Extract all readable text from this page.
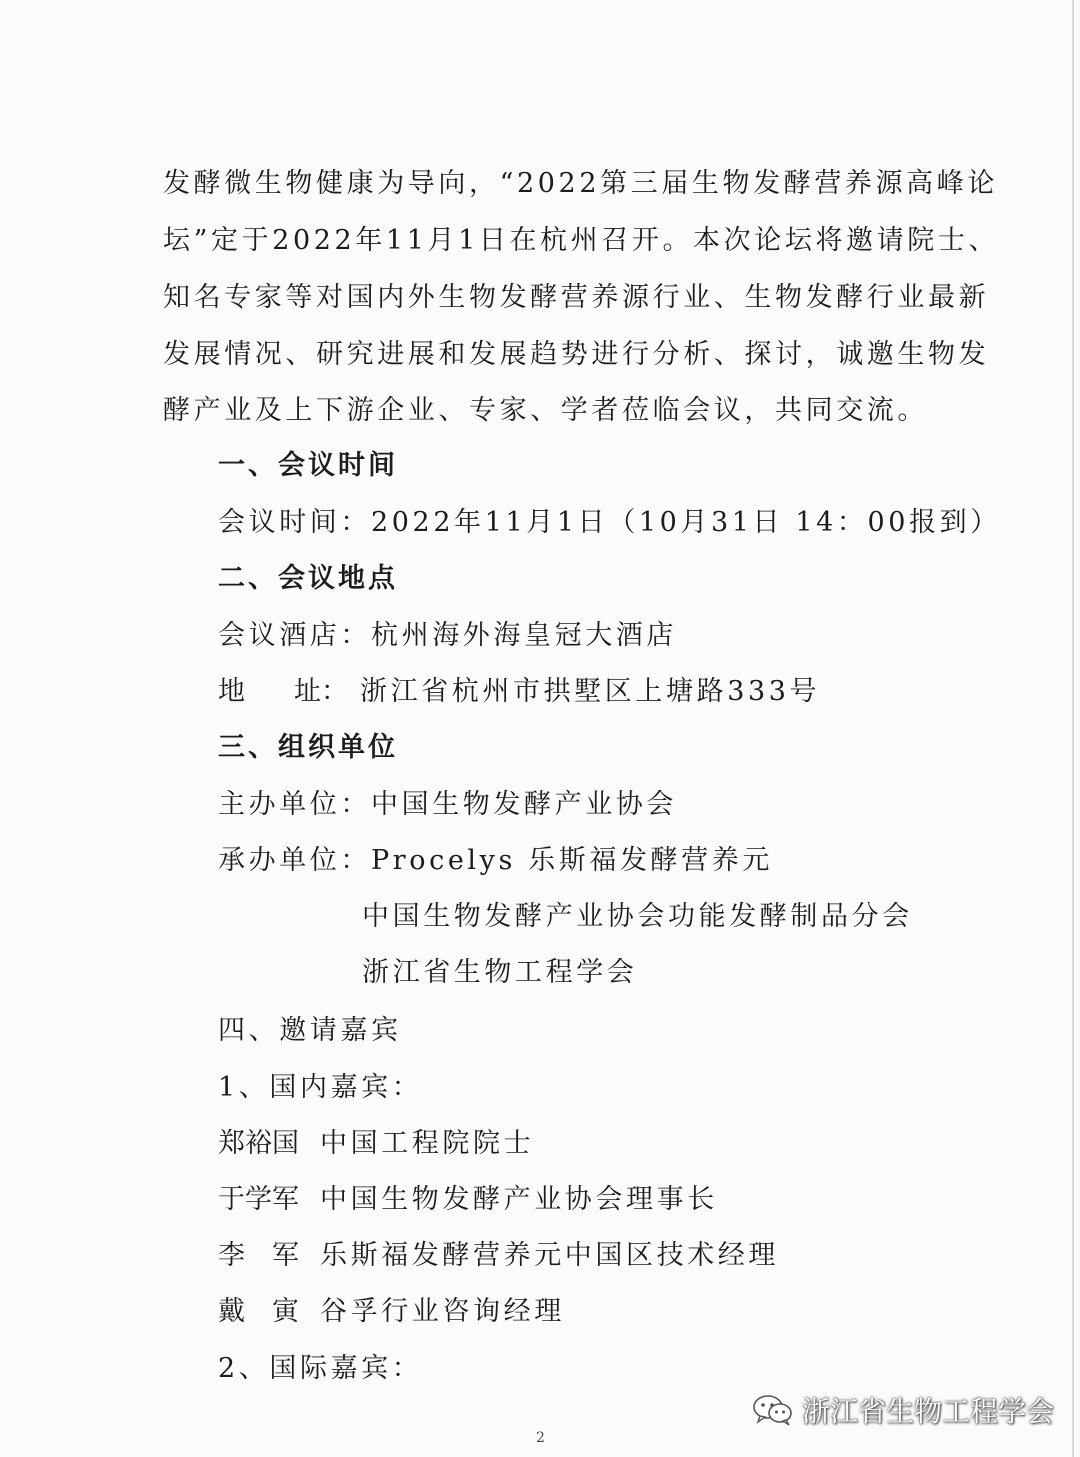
发酵微生物健康为导向，“2022第三届生物发酵营养源高峰论
坛”定于2022年11月1日在杭州召开。本次论坛将邀请院士、
知名专家等对国内外生物发酵营养源行业、生物发酵行业最新
发展情况、研究进展和发展趋势进行分析、探讨，诚邀生物发
酵产业及上下游企业、专家、学者莅临会议，共同交流。
一、会议时间
会议时间：2022年11月1日（10月31日 14：00报到）
二、会议地点
会议酒店：杭州海外海皇冠大酒店
地 址： 浙江省杭州市拱墅区上塘路333号
三、组织单位
主办单位：中国生物发酵产业协会
承办单位：Procelys 乐斯福发酵营养元
中国生物发酵产业协会功能发酵制品分会
浙江省生物工程学会
四、邀请嘉宾
1、国内嘉宾：
郑裕国 中国工程院院士
于学军 中国生物发酵产业协会理事长
李 军 乐斯福发酵营养元中国区技术经理
戴 寅 谷孚行业咨询经理
2、国际嘉宾：
浙江省生物工程学会
2
